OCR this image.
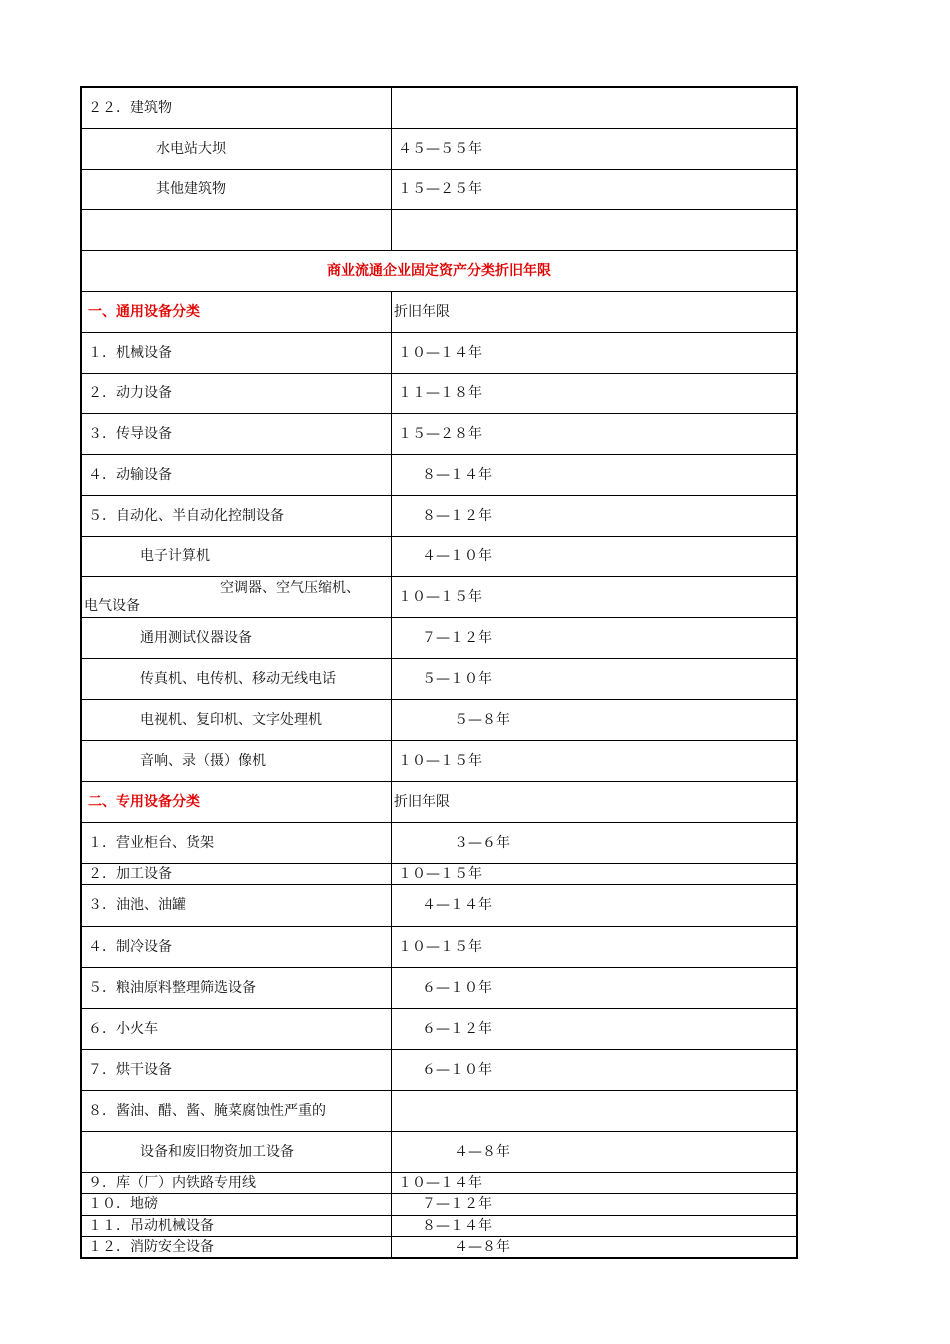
２２．建筑物	
水电站大坝	４５—５５年
其他建筑物	１５—２５年

商业流通企业固定资产分类折旧年限	
一、通用设备分类	折旧年限
１．机械设备	１０—１４年
２．动力设备	１１—１８年
３．传导设备	１５—２８年
４．动输设备	８—１４年
５．自动化、半自动化控制设备	８—１２年
电子计算机	４—１０年

空调器、空气压缩机、
电气设备	１０—１５年
通用测试仪器设备	７—１２年
传真机、电传机、移动无线电话	５—１０年
电视机、复印机、文字处理机	５—８年
音响、录（摄）像机	１０—１５年
二、专用设备分类	折旧年限
１．营业柜台、货架	３—６年
２．加工设备	１０—１５年
３．油池、油罐	４—１４年
４．制冷设备	１０—１５年
５．粮油原料整理筛选设备	６—１０年
６．小火车	６—１２年
７．烘干设备	６—１０年
８．酱油、醋、酱、腌菜腐蚀性严重的	
设备和废旧物资加工设备	４—８年
９．库（厂）内铁路专用线	１０—１４年
１０．地磅	７—１２年
１１．吊动机械设备	８—１４年
１２．消防安全设备	４—８年
